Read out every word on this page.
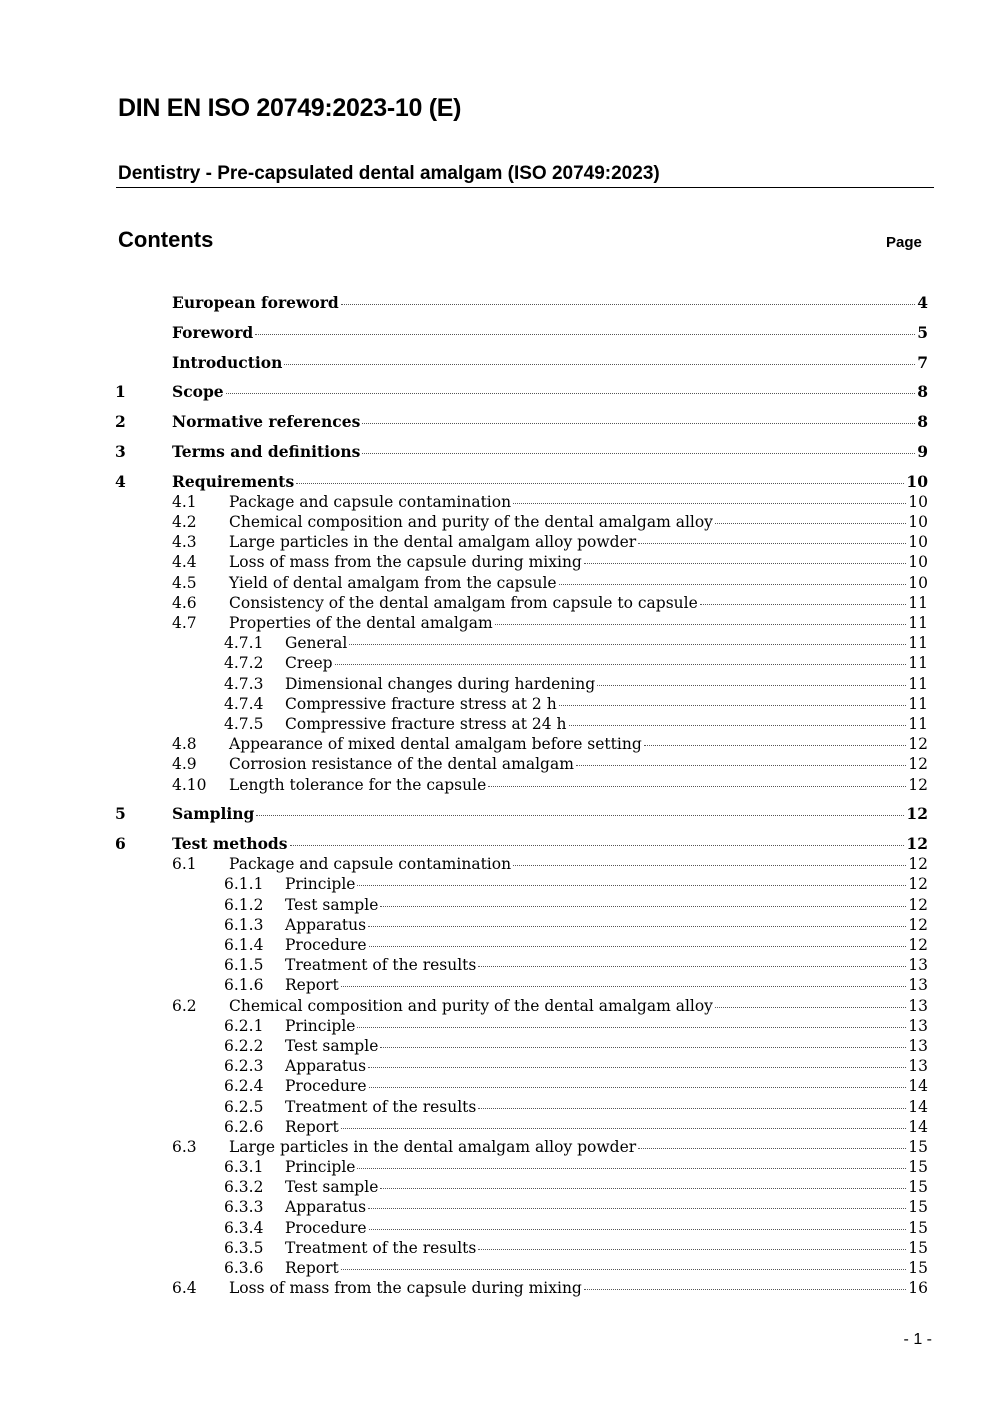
DIN EN ISO 20749:2023-10 (E)
Dentistry - Pre-capsulated dental amalgam (ISO 20749:2023)
Contents	Page
European foreword	4
Foreword	5
Introduction	7
1	Scope	8
2	Normative references	8
3	Terms and definitions	9
4	Requirements	10
4.1	Package and capsule contamination	10
4.2	Chemical composition and purity of the dental amalgam alloy	10
4.3	Large particles in the dental amalgam alloy powder	10
4.4	Loss of mass from the capsule during mixing	10
4.5	Yield of dental amalgam from the capsule	10
4.6	Consistency of the dental amalgam from capsule to capsule	11
4.7	Properties of the dental amalgam	11
4.7.1	General	11
4.7.2	Creep	11
4.7.3	Dimensional changes during hardening	11
4.7.4	Compressive fracture stress at 2 h	11
4.7.5	Compressive fracture stress at 24 h	11
4.8	Appearance of mixed dental amalgam before setting	12
4.9	Corrosion resistance of the dental amalgam	12
4.10	Length tolerance for the capsule	12
5	Sampling	12
6	Test methods	12
6.1	Package and capsule contamination	12
6.1.1	Principle	12
6.1.2	Test sample	12
6.1.3	Apparatus	12
6.1.4	Procedure	12
6.1.5	Treatment of the results	13
6.1.6	Report	13
6.2	Chemical composition and purity of the dental amalgam alloy	13
6.2.1	Principle	13
6.2.2	Test sample	13
6.2.3	Apparatus	13
6.2.4	Procedure	14
6.2.5	Treatment of the results	14
6.2.6	Report	14
6.3	Large particles in the dental amalgam alloy powder	15
6.3.1	Principle	15
6.3.2	Test sample	15
6.3.3	Apparatus	15
6.3.4	Procedure	15
6.3.5	Treatment of the results	15
6.3.6	Report	15
6.4	Loss of mass from the capsule during mixing	16
- 1 -
